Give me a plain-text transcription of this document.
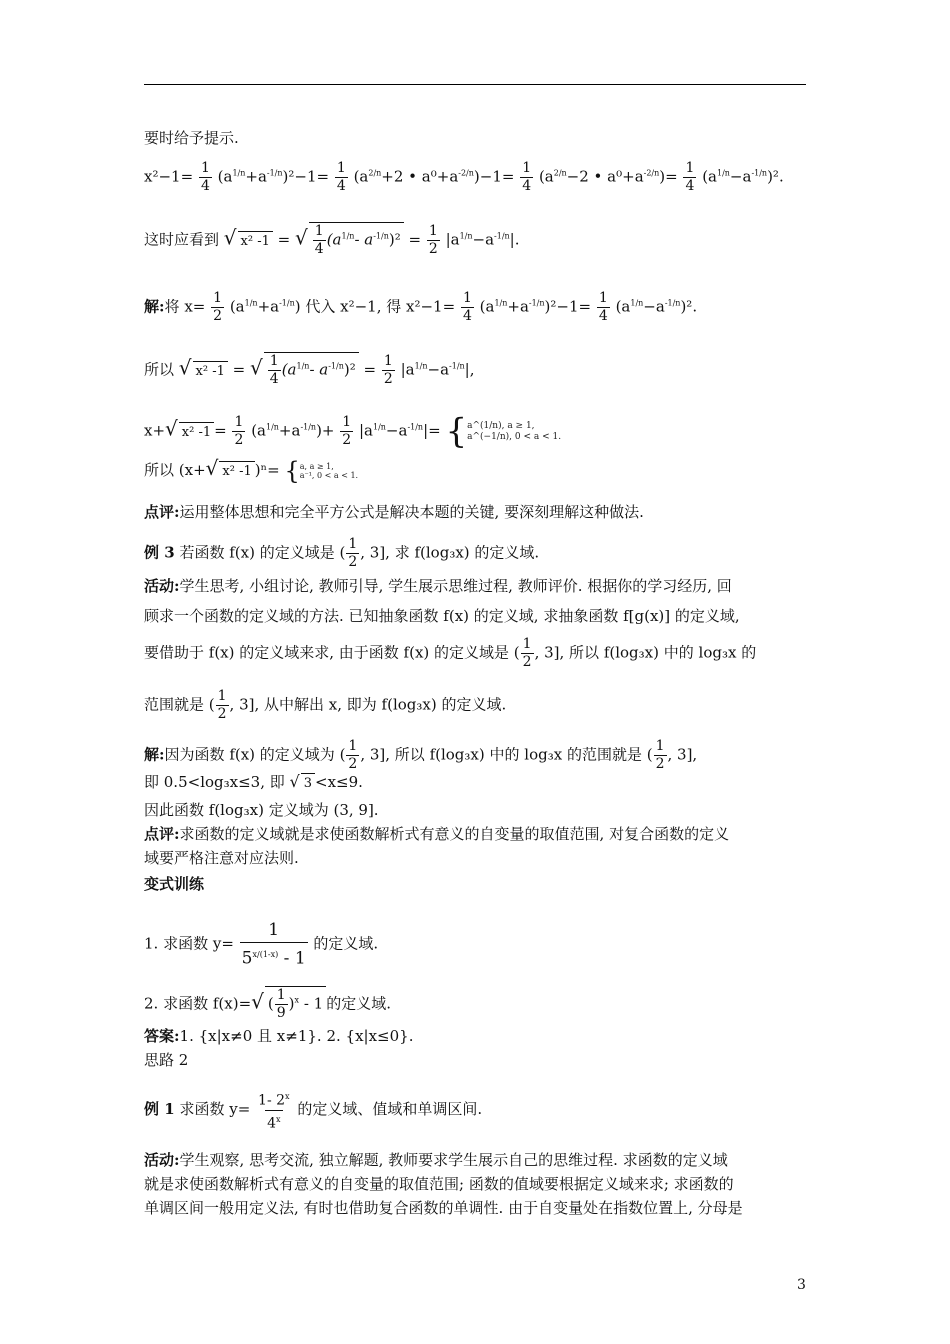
要时给予提示.
$x^2-1= \frac{1}{4} (a^{1/n}+a^{-1/n})^2-1= \frac{1}{4} (a^{2/n}+2$ • $a^0+a^{-2/n})-1= \frac{1}{4} (a^{2/n}-2$ • $a^0+a^{-2/n})= \frac{1}{4} (a^{1/n}-a^{-1/n})^2$.
这时应看到 √ x² -1 = √ $\frac{1}{4} (a^{1/n}-$ $a^{-1/n})^2 = \frac{1}{2} |a^{1/n}-a^{-1/n}|$.
解:将 $x= \frac{1}{2} (a^{1/n}+a^{-1/n})$ 代入 x²−1, 得 $x^2-1= \frac{1}{4} (a^{1/n}+a^{-1/n})^2-1= \frac{1}{4} (a^{1/n}-a^{-1/n})^2$.
所以 √ x² -1 = √ $\frac{1}{4} (a^{1/n}-$ $a^{-1/n})^2 = \frac{1}{2} |a^{1/n}-a^{-1/n}|$,
x+√ x² $-1 = \frac{1}{2} (a^{1/n}+a^{-1/n})+ \frac{1}{2} |a^{1/n}-a^{-1/n}|=$ { a^(1/n), a ≥ 1,
a^(−1/n), 0 < a < 1.
所以 (x+√ x² -1 )ⁿ= { a, a ≥ 1,
a⁻¹, 0 < a < 1.
点评:运用整体思想和完全平方公式是解决本题的关键, 要深刻理解这种做法.
例 3 若函数 f(x) 的定义域是 ( $\frac{1}{2}$ , 3], 求 f(log₃x) 的定义域.
活动:学生思考, 小组讨论, 教师引导, 学生展示思维过程, 教师评价. 根据你的学习经历, 回
顾求一个函数的定义域的方法. 已知抽象函数 f(x) 的定义域, 求抽象函数 f[g(x)] 的定义域,
要借助于 f(x) 的定义域来求, 由于函数 f(x) 的定义域是 ( $\frac{1}{2}$ , 3], 所以 f(log₃x) 中的 log₃x 的
范围就是 ( $\frac{1}{2}$ , 3], 从中解出 x, 即为 f(log₃x) 的定义域.
解:因为函数 f(x) 的定义域为 ( $\frac{1}{2}$ , 3], 所以 f(log₃x) 中的 log₃x 的范围就是 ( $\frac{1}{2}$ , 3],
即 0.5<log₃x≤3, 即 √ 3 <x≤9.
因此函数 f(log₃x) 定义域为 (3, 9].
点评:求函数的定义域就是求使函数解析式有意义的自变量的取值范围, 对复合函数的定义
域要严格注意对应法则.
变式训练
1. 求函数 $y= \frac{1}{5^{x/(1-x)} - 1}$ 的定义域.
2. 求函数 f(x)=√ ( $\frac{1}{9} )^x - 1$ 的定义域.
答案:1. {x|x≠0 且 x≠1}. 2. {x|x≤0}.
思路 2
例 1 求函数 $y= \frac{1- 2^x}{4^x}$ 的定义域、值域和单调区间.
活动:学生观察, 思考交流, 独立解题, 教师要求学生展示自己的思维过程. 求函数的定义域
就是求使函数解析式有意义的自变量的取值范围; 函数的值域要根据定义域来求; 求函数的
单调区间一般用定义法, 有时也借助复合函数的单调性. 由于自变量处在指数位置上, 分母是
3
